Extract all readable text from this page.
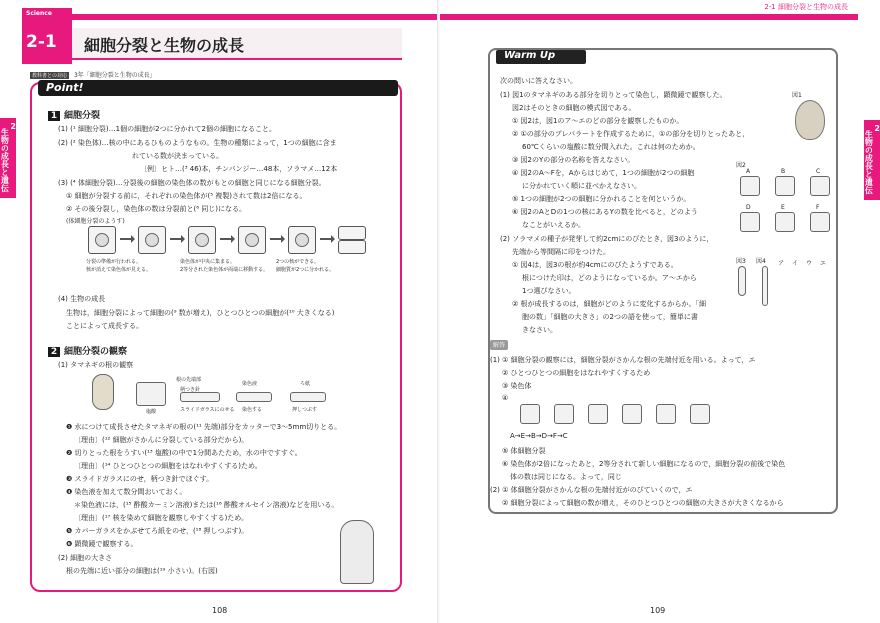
Science
2-1 細胞分裂と生物の成長
教科書との対応 3年「細胞分裂と生物の成長」
2
生物の成長と遺伝
Point!
1 細胞分裂
(1) (¹ 細胞分裂)…1個の細胞が2つに分かれて2個の細胞になること。
(2) (² 染色体)…核の中にあるひものようなもの。生物の種類によって，1つの細胞に含ま
れている数が決まっている。
〔例〕ヒト…(³ 46)本，チンパンジー…48本，ソラマメ…12本
(3) (⁴ 体細胞分裂)…分裂後の細胞の染色体の数がもとの細胞と同じになる細胞分裂。
① 細胞が分裂する前に，それぞれの染色体が(⁵ 複製)されて数は2倍になる。
② その後分裂し，染色体の数は分裂前と(⁶ 同じ)になる。
(体細胞分裂のようす)
分裂の準備が行われる。
核が消えて染色体が見える。
染色体が中央に集まる。
2等分された染色体が両端に移動する。
2つの核ができる。
細胞質が2つに分かれる。
(4) 生物の成長
生物は，細胞分裂によって細胞の(⁹ 数が増え)，ひとつひとつの細胞が(¹⁰ 大きくなる)
ことによって成長する。
2 細胞分裂の観察
(1) タマネギの根の観察
根の先端部
柄つき針
塩酸	スライドガラスにのせる
染色液
染色する
ろ紙
押しつぶす
❶ 水につけて成長させたタマネギの根の(¹¹ 先端)部分をカッターで3〜5mm切りとる。
〔理由〕(¹² 細胞がさかんに分裂している部分だから)。
❷ 切りとった根をうすい(¹³ 塩酸)の中で1分間あたため，水の中ですすぐ。
〔理由〕(¹⁴ ひとつひとつの細胞をはなれやすくする)ため。
❸ スライドガラスにのせ，柄つき針でほぐす。
❹ 染色液を加えて数分間おいておく。
＊染色液には，(¹⁵ 酢酸カーミン溶液)または(¹⁶ 酢酸オルセイン溶液)などを用いる。
〔理由〕(¹⁷ 核を染めて細胞を観察しやすくする)ため。
❺ カバーガラスをかぶせてろ紙をのせ，(¹⁸ 押しつぶす)。
❻ 顕微鏡で観察する。
(2) 細胞の大きさ
根の先端に近い部分の細胞は(¹⁹ 小さい)。(右図)
108
2-1 細胞分裂と生物の成長
2
生物の成長と遺伝
Warm Up
次の問いに答えなさい。
(1) 図1のタマネギのある部分を切りとって染色し，顕微鏡で観察した。
図2はそのときの細胞の模式図である。
① 図2は，図1のア〜エのどの部分を観察したものか。
② ①の部分のプレパラートを作成するために，①の部分を切りとったあと，
60℃くらいの塩酸に数分間入れた。これは何のためか。
③ 図2のYの部分の名称を答えなさい。
④ 図2のA〜Fを，Aからはじめて，1つの細胞が2つの細胞
に分かれていく順に並べかえなさい。
⑤ 1つの細胞が2つの細胞に分かれることを何というか。
⑥ 図2のAとDの1つの核にあるYの数を比べると，どのよう
なことがいえるか。
(2) ソラマメの種子が発芽して約2cmにのびたとき，図3のように，
先端から等間隔に印をつけた。
① 図4は，図3の根が約4cmにのびたようすである。
根につけた印は，どのようになっているか。ア〜エから
1つ選びなさい。
② 根が成長するのは，細胞がどのように変化するからか。「細
胞の数」「細胞の大きさ」の2つの語を使って，簡単に書
きなさい。
図1
図2
A	B	C
D	E	F
図3 図4 ア イ ウ エ
解答
(1) ① 細胞分裂の観察には，細胞分裂がさかんな根の先端付近を用いる。よって，エ
② ひとつひとつの細胞をはなれやすくするため
③ 染色体
④
A→E→B→D→F→C
⑤ 体細胞分裂
⑥ 染色体が2倍になったあと，2等分されて新しい細胞になるので，細胞分裂の前後で染色
体の数は同じになる。よって，同じ
(2) ① 体細胞分裂がさかんな根の先端付近がのびていくので，エ
② 細胞分裂によって細胞の数が増え，そのひとつひとつの細胞の大きさが大きくなるから
109
